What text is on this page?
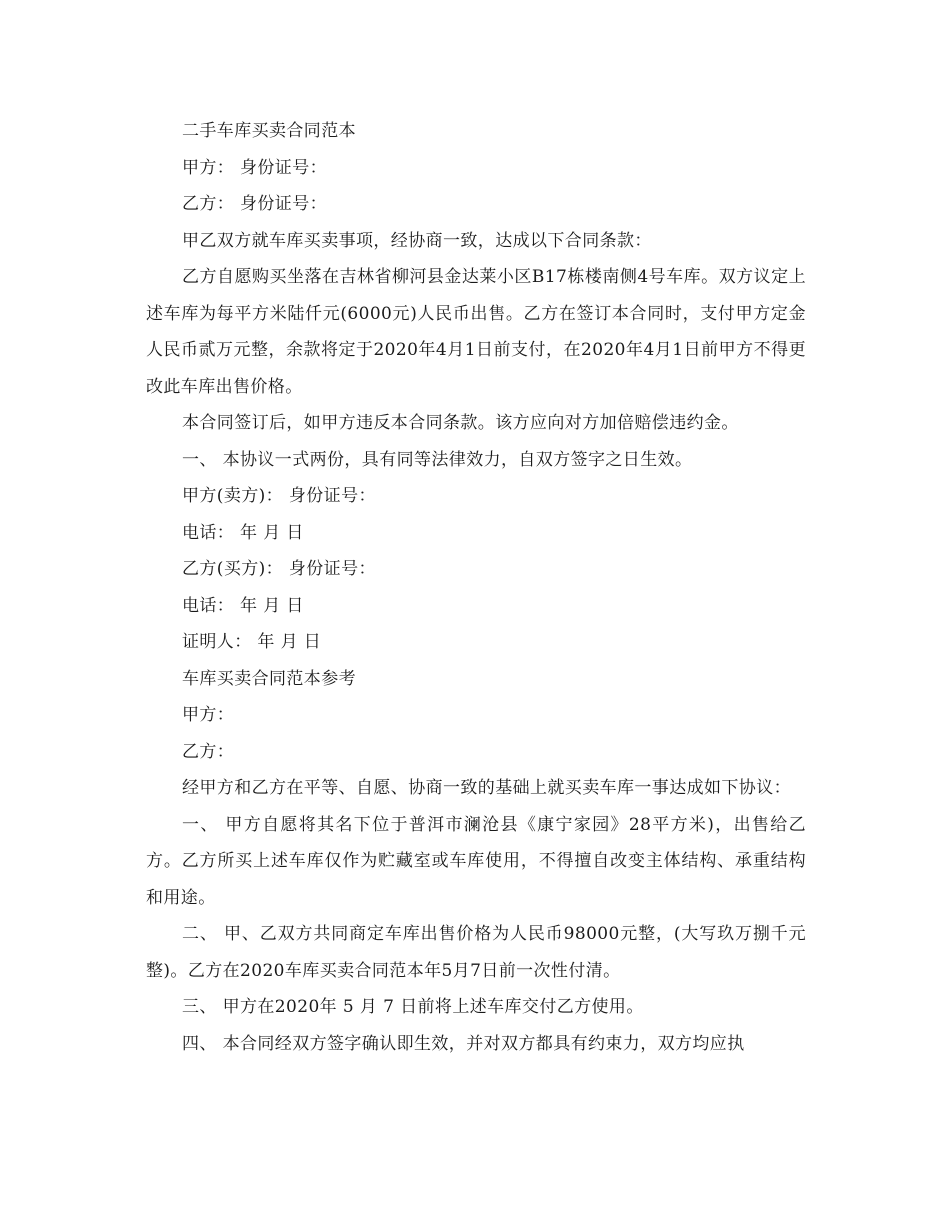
二手车库买卖合同范本

甲方： 身份证号：

乙方： 身份证号：

甲乙双方就车库买卖事项，经协商一致，达成以下合同条款：

乙方自愿购买坐落在吉林省柳河县金达莱小区B17栋楼南侧4号车库。双方议定上述车库为每平方米陆仟元(6000元)人民币出售。乙方在签订本合同时，支付甲方定金人民币贰万元整，余款将定于2020年4月1日前支付，在2020年4月1日前甲方不得更改此车库出售价格。

本合同签订后，如甲方违反本合同条款。该方应向对方加倍赔偿违约金。

一、 本协议一式两份，具有同等法律效力，自双方签字之日生效。

甲方(卖方)： 身份证号：

电话： 年 月 日

乙方(买方)： 身份证号：

电话： 年 月 日

证明人： 年 月 日

车库买卖合同范本参考

甲方：

乙方：

经甲方和乙方在平等、自愿、协商一致的基础上就买卖车库一事达成如下协议：

一、 甲方自愿将其名下位于普洱市澜沧县《康宁家园》28平方米)，出售给乙方。乙方所买上述车库仅作为贮藏室或车库使用，不得擅自改变主体结构、承重结构和用途。

二、 甲、乙双方共同商定车库出售价格为人民币98000元整，(大写玖万捌千元整)。乙方在2020车库买卖合同范本年5月7日前一次性付清。

三、 甲方在2020年 5 月 7 日前将上述车库交付乙方使用。

四、 本合同经双方签字确认即生效，并对双方都具有约束力，双方均应执
